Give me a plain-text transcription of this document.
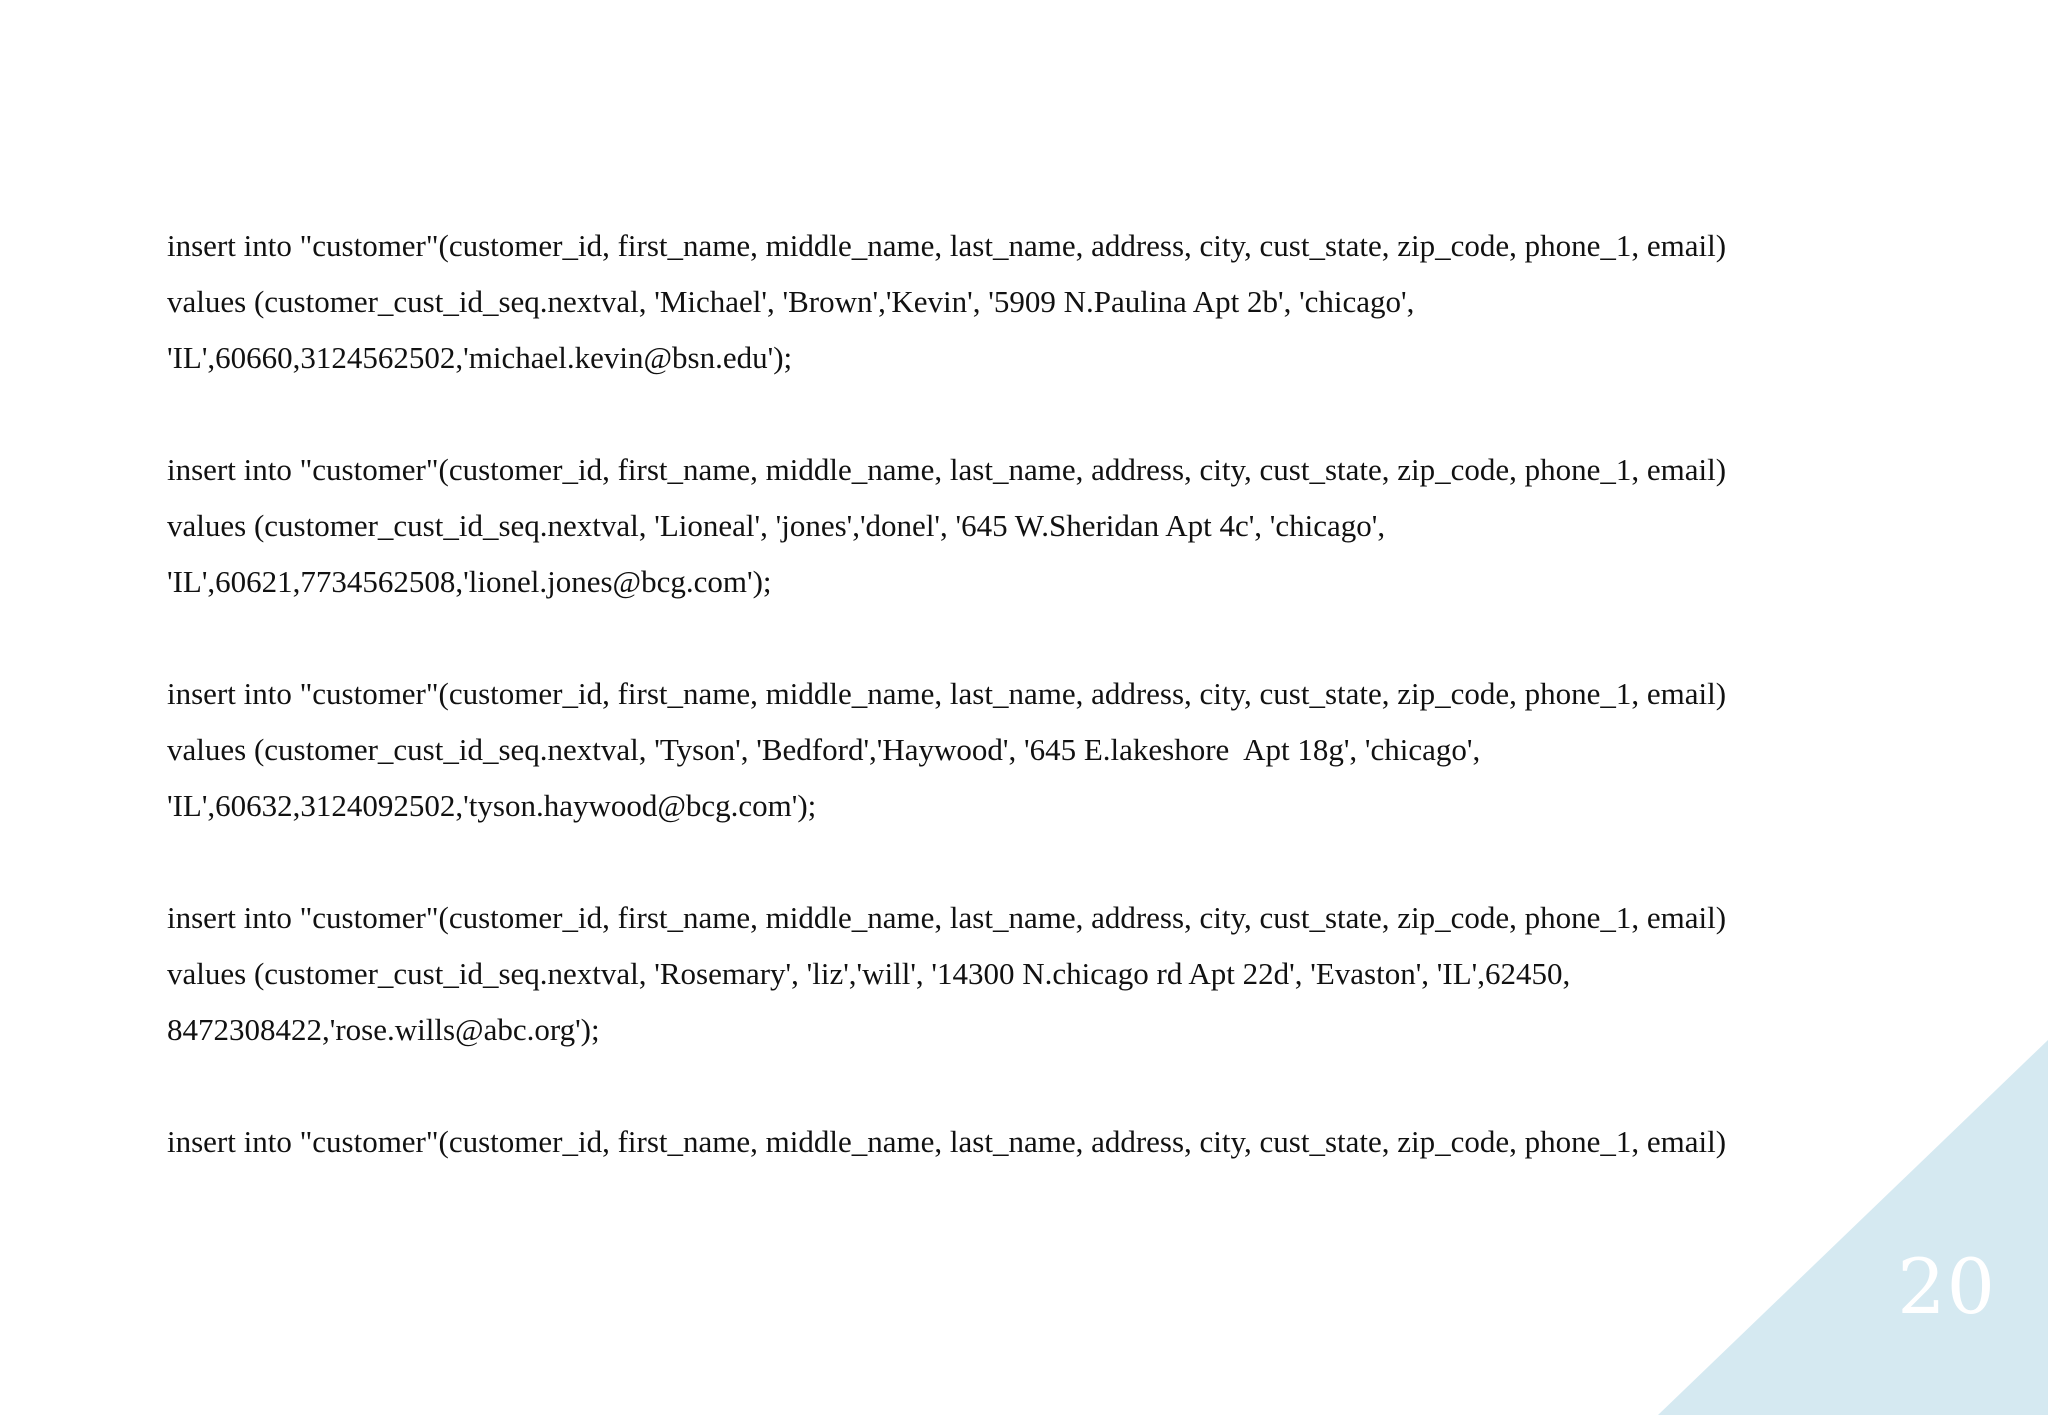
insert into "customer"(customer_id, first_name, middle_name, last_name, address, city, cust_state, zip_code, phone_1, email)
values (customer_cust_id_seq.nextval, 'Michael', 'Brown','Kevin', '5909 N.Paulina Apt 2b', 'chicago',
'IL',60660,3124562502,'michael.kevin@bsn.edu');
insert into "customer"(customer_id, first_name, middle_name, last_name, address, city, cust_state, zip_code, phone_1, email)
values (customer_cust_id_seq.nextval, 'Lioneal', 'jones','donel', '645 W.Sheridan Apt 4c', 'chicago',
'IL',60621,7734562508,'lionel.jones@bcg.com');
insert into "customer"(customer_id, first_name, middle_name, last_name, address, city, cust_state, zip_code, phone_1, email)
values (customer_cust_id_seq.nextval, 'Tyson', 'Bedford','Haywood', '645 E.lakeshore  Apt 18g', 'chicago',
'IL',60632,3124092502,'tyson.haywood@bcg.com');
insert into "customer"(customer_id, first_name, middle_name, last_name, address, city, cust_state, zip_code, phone_1, email)
values (customer_cust_id_seq.nextval, 'Rosemary', 'liz','will', '14300 N.chicago rd Apt 22d', 'Evaston', 'IL',62450,
8472308422,'rose.wills@abc.org');
insert into "customer"(customer_id, first_name, middle_name, last_name, address, city, cust_state, zip_code, phone_1, email)
20
